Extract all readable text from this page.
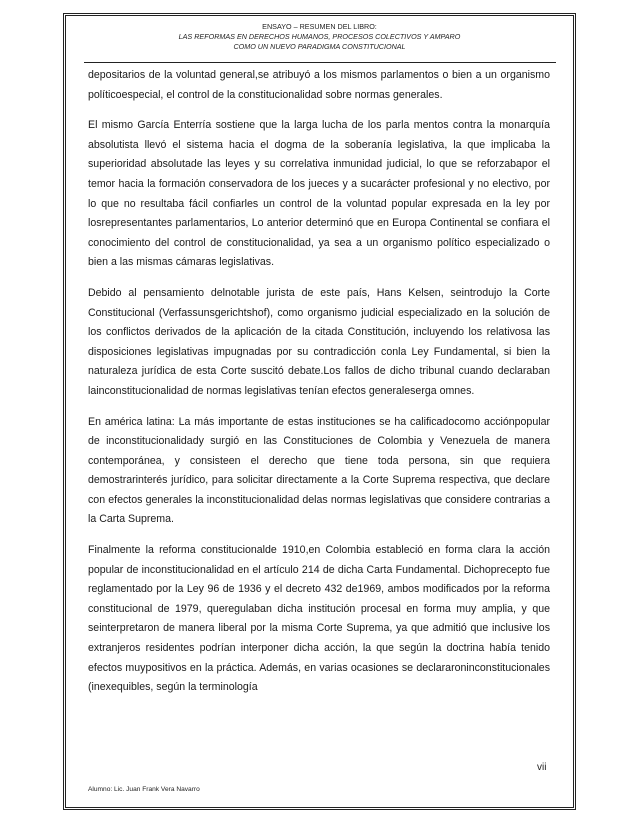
ENSAYO – RESUMEN DEL LIBRO:
LAS REFORMAS EN DERECHOS HUMANOS, PROCESOS COLECTIVOS Y AMPARO
COMO UN NUEVO PARADIGMA CONSTITUCIONAL

depositarios de la voluntad general,se atribuyó a los mismos parlamentos o bien a un organismo políticoespecial, el control de la constitucionalidad sobre normas generales.

El mismo García Enterría sostiene que la larga lucha de los parla mentos contra la monarquía absolutista llevó el sistema hacia el dogma de la soberanía legislativa, la que implicaba la superioridad absolutade las leyes y su correlativa inmunidad judicial, lo que se reforzabapor el temor hacia la formación conservadora de los jueces y a sucarácter profesional y no electivo, por lo que no resultaba fácil confiarles un control de la voluntad popular expresada en la ley por losrepresentantes parlamentarios, Lo anterior determinó que en Europa Continental se confiara el conocimiento del control de constitucionalidad, ya sea a un organismo político especializado o bien a las mismas cámaras legislativas.

Debido al pensamiento delnotable jurista de este país, Hans Kelsen, seintrodujo la Corte Constitucional (Verfassunsgerichtshof), como organismo judicial especializado en la solución de los conflictos derivados de la aplicación de la citada Constitución, incluyendo los relativosa las disposiciones legislativas impugnadas por su contradicción conla Ley Fundamental, si bien la naturaleza jurídica de esta Corte suscitó debate.Los fallos de dicho tribunal cuando declaraban lainconstitucionalidad de normas legislativas tenían efectos generaleserga omnes.

En américa latina: La más importante de estas instituciones se ha calificadocomo acciónpopular de inconstitucionalidady surgió en las Constituciones de Colombia y Venezuela de manera contemporánea, y consisteen el derecho que tiene toda persona, sin que requiera demostrarinterés jurídico, para solicitar directamente a la Corte Suprema respectiva, que declare con efectos generales la inconstitucionalidad delas normas legislativas que considere contrarias a la Carta Suprema.

Finalmente la reforma constitucionalde 1910,en Colombia estableció en forma clara la acción popular de inconstitucionalidad en el artículo 214 de dicha Carta Fundamental. Dichoprecepto fue reglamentado por la Ley 96 de 1936 y el decreto 432 de1969, ambos modificados por la reforma constitucional de 1979, queregulaban dicha institución procesal en forma muy amplia, y que seinterpretaron de manera liberal por la misma Corte Suprema, ya que admitió que inclusive los extranjeros residentes podrían interponer dicha acción, la que según la doctrina había tenido efectos muypositivos en la práctica. Además, en varias ocasiones se declararoninconstitucionales (inexequibles, según la terminología

vii
Alumno: Lic. Juan Frank Vera Navarro
